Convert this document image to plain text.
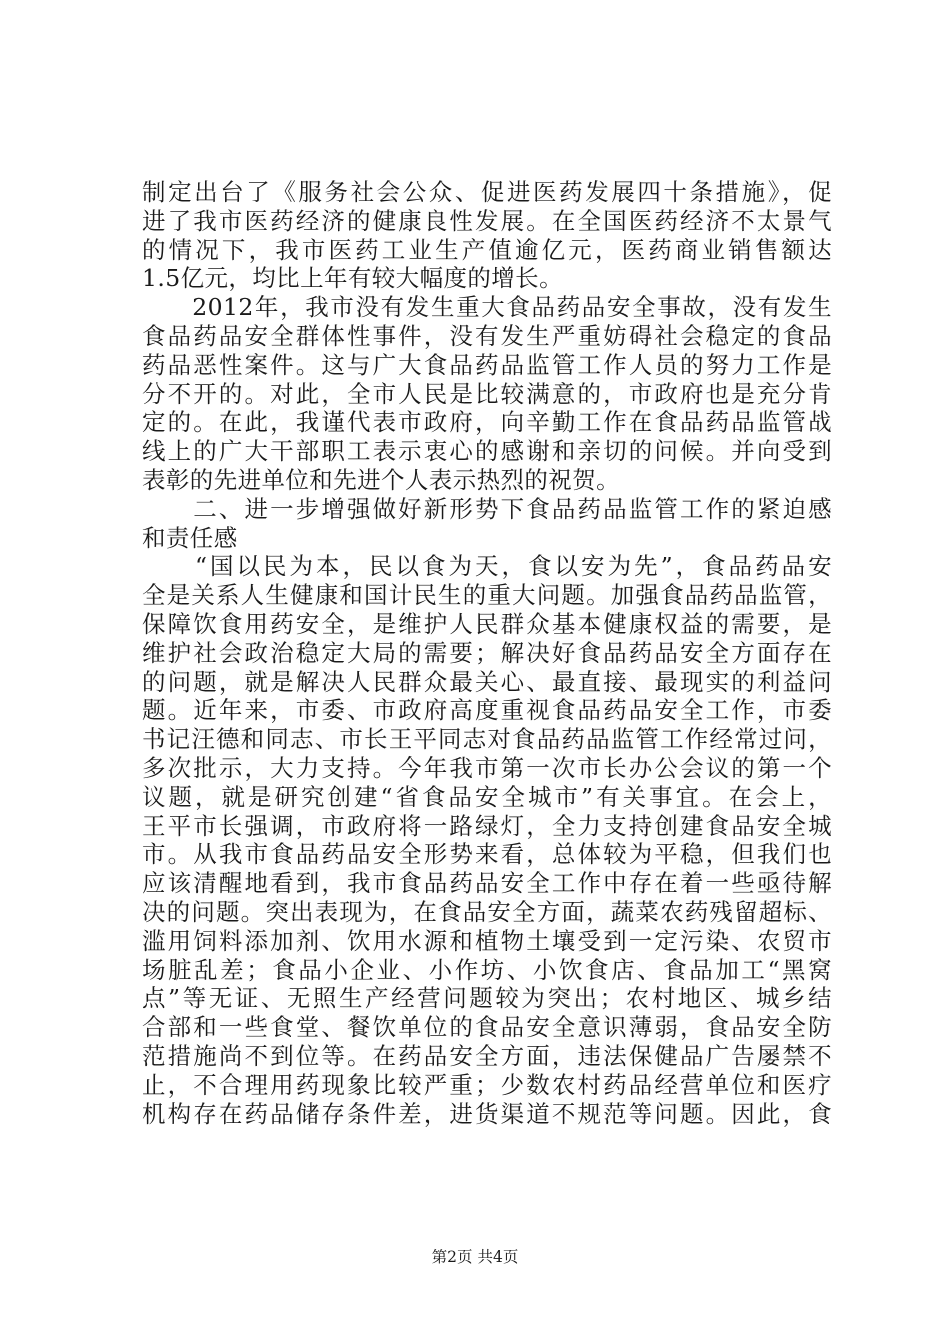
制定出台了《服务社会公众、促进医药发展四十条措施》，促
进了我市医药经济的健康良性发展。在全国医药经济不太景气
的情况下，我市医药工业生产值逾亿元，医药商业销售额达
1.5亿元，均比上年有较大幅度的增长。
　　2012年，我市没有发生重大食品药品安全事故，没有发生
食品药品安全群体性事件，没有发生严重妨碍社会稳定的食品
药品恶性案件。这与广大食品药品监管工作人员的努力工作是
分不开的。对此，全市人民是比较满意的，市政府也是充分肯
定的。在此，我谨代表市政府，向辛勤工作在食品药品监管战
线上的广大干部职工表示衷心的感谢和亲切的问候。并向受到
表彰的先进单位和先进个人表示热烈的祝贺。
　　二、进一步增强做好新形势下食品药品监管工作的紧迫感
和责任感
　　“国以民为本，民以食为天，食以安为先”，食品药品安
全是关系人生健康和国计民生的重大问题。加强食品药品监管，
保障饮食用药安全，是维护人民群众基本健康权益的需要，是
维护社会政治稳定大局的需要；解决好食品药品安全方面存在
的问题，就是解决人民群众最关心、最直接、最现实的利益问
题。近年来，市委、市政府高度重视食品药品安全工作，市委
书记汪德和同志、市长王平同志对食品药品监管工作经常过问，
多次批示，大力支持。今年我市第一次市长办公会议的第一个
议题，就是研究创建“省食品安全城市”有关事宜。在会上，
王平市长强调，市政府将一路绿灯，全力支持创建食品安全城
市。从我市食品药品安全形势来看，总体较为平稳，但我们也
应该清醒地看到，我市食品药品安全工作中存在着一些亟待解
决的问题。突出表现为，在食品安全方面，蔬菜农药残留超标、
滥用饲料添加剂、饮用水源和植物土壤受到一定污染、农贸市
场脏乱差；食品小企业、小作坊、小饮食店、食品加工“黑窝
点”等无证、无照生产经营问题较为突出；农村地区、城乡结
合部和一些食堂、餐饮单位的食品安全意识薄弱，食品安全防
范措施尚不到位等。在药品安全方面，违法保健品广告屡禁不
止，不合理用药现象比较严重；少数农村药品经营单位和医疗
机构存在药品储存条件差，进货渠道不规范等问题。因此，食
第2页 共4页
